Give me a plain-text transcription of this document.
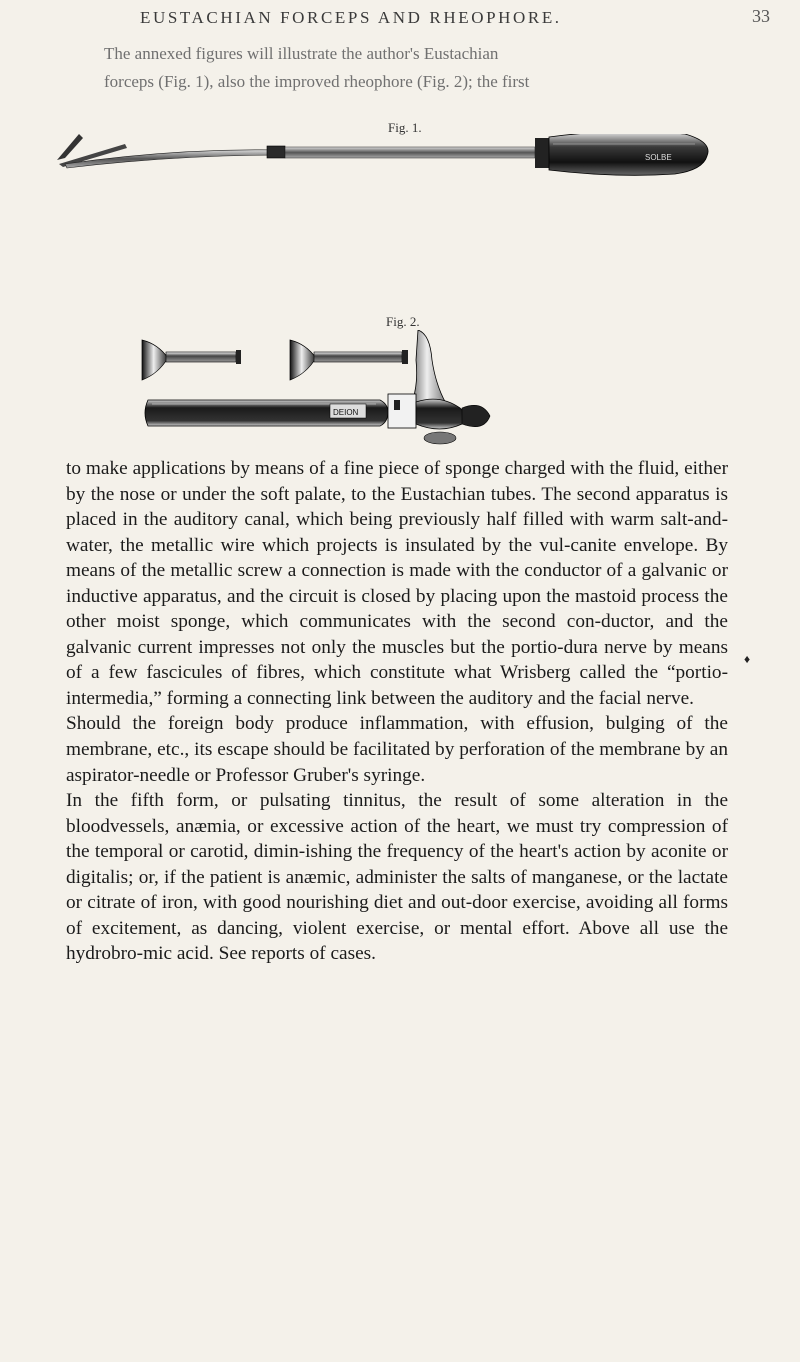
EUSTACHIAN FORCEPS AND RHEOPHORE.	33

The annexed figures will illustrate the author's Eustachian

forceps (Fig. 1), also the improved rheophore (Fig. 2); the first

Fig. 1.
SOLBE
Fig. 2.
DEION

to make applications by means of a fine piece of sponge charged with the fluid, either by the nose or under the soft palate, to the Eustachian tubes. The second apparatus is placed in the auditory canal, which being previously half filled with warm salt-and-water, the metallic wire which projects is insulated by the vul-canite envelope. By means of the metallic screw a connection is made with the conductor of a galvanic or inductive apparatus, and the circuit is closed by placing upon the mastoid process the other moist sponge, which communicates with the second con-ductor, and the galvanic current impresses not only the muscles but the portio-dura nerve by means of a few fascicules of fibres, which constitute what Wrisberg called the “portio-intermedia,” forming a connecting link between the auditory and the facial nerve.

Should the foreign body produce inflammation, with effusion, bulging of the membrane, etc., its escape should be facilitated by perforation of the membrane by an aspirator-needle or Professor Gruber's syringe.

In the fifth form, or pulsating tinnitus, the result of some alteration in the bloodvessels, anæmia, or excessive action of the heart, we must try compression of the temporal or carotid, dimin-ishing the frequency of the heart's action by aconite or digitalis; or, if the patient is anæmic, administer the salts of manganese, or the lactate or citrate of iron, with good nourishing diet and out-door exercise, avoiding all forms of excitement, as dancing, violent exercise, or mental effort. Above all use the hydrobro-mic acid. See reports of cases.

♦
